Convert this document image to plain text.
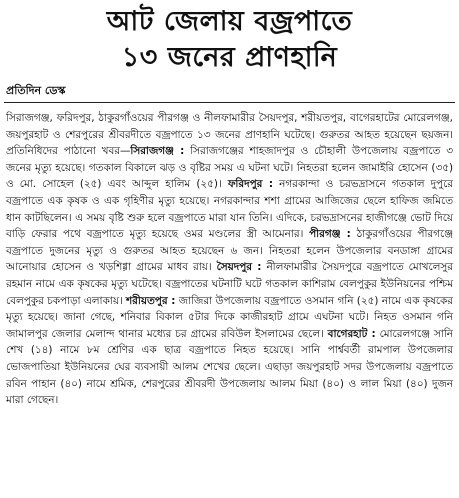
আট জেলায় বজ্রপাতে
১৩ জনের প্রাণহানি
প্রতিদিন ডেস্ক
সিরাজগঞ্জ, ফরিদপুর, ঠাকুরগাঁওয়ের পীরগঞ্জ ও নীলফামারীর সৈয়দপুর, শরীয়তপুর, বাগেরহাটের মোরেলগঞ্জ, জয়পুরহাট ও শেরপুরের শ্রীবরদীতে বজ্রপাতে ১৩ জনের প্রাণহানি ঘটেছে। গুরুতর আহত হয়েছেন ছয়জন। প্রতিনিধিদের পাঠানো খবর—সিরাজগঞ্জ : সিরাজগঞ্জের শাহজাদপুর ও চৌহালী উপজেলায় বজ্রপাতে ৩ জনের মৃত্যু হয়েছে। গতকাল বিকালে ঝড় ও বৃষ্টির সময় এ ঘটনা ঘটে। নিহতরা হলেন জামাইরি হোসেন (৩৫) ও মো. সোহেল (২৫) এবং আব্দুল হালিম (২৫)। ফরিদপুর : নগরকান্দা ও চরভদ্রাসনে গতকাল দুপুরে বজ্রপাতে এক কৃষক ও এক গৃহিণীর মৃত্যু হয়েছে। নগরকান্দার শশা গ্রামের আজিজের ছেলে হাফিজ জমিতে ধান কাটছিলেন। এ সময় বৃষ্টি শুরু হলে বজ্রপাতে মারা যান তিনি। এদিকে, চরভদ্রাসনের হাজীগঞ্জে ভোট দিয়ে বাড়ি ফেরার পথে বজ্রপাতে মৃত্যু হয়েছে ওমর মণ্ডলের স্ত্রী আমেনার। পীরগঞ্জ : ঠাকুরগাঁওয়ের পীরগঞ্জে বজ্রপাতে দুজনের মৃত্যু ও গুরুতর আহত হয়েছেন ৬ জন। নিহতরা হলেন উপজেলার বনডাঙ্গা গ্রামের আনোয়ার হোসেন ও খড়শিগ্গা গ্রামের মাধব রায়। সৈয়দপুর : নীলফামারীর সৈয়দপুরে বজ্রপাতে মোখলেসুর রহমান নামে এক কৃষকের মৃত্যু ঘটেছে। বজ্রপাতের ঘটনাটি ঘটে গতকাল কাশিরাম বেলপুকুর ইউনিয়নের পশ্চিম বেলপুকুর চকপাড়া এলাকায়। শরীয়তপুর : জাজিরা উপজেলায় বজ্রপাতে ওসমান গনি (২৫) নামে এক কৃষকের মৃত্যু হয়েছে। জানা গেছে, শনিবার বিকাল ৫টার দিকে কাজীরহাট গ্রামে এঘটনা ঘটে। নিহত ওসমান গনি জামালপুর জেলার মেলান্দ থানার মধ্যের চর গ্রামের রবিউল ইসলামের ছেলে। বাগেরহাট : মোরেলগঞ্জে সানি শেখ (১৪) নামে ৮ম শ্রেণির এক ছাত্র বজ্রপাতে নিহত হয়েছে। সানি পার্শ্ববর্তী রামপাল উপজেলার ভোজপাতিয়া ইউনিয়নের ঘের ব্যবসায়ী আলম শেখের ছেলে। এছাড়া জয়পুরহাট সদর উপজেলায় বজ্রপাতে রবিন পাহান (৪০) নামে শ্রমিক, শেরপুরের শ্রীবরদী উপজেলায় আলম মিয়া (৪০) ও লাল মিয়া (৪০) দুজন মারা গেছেন।
